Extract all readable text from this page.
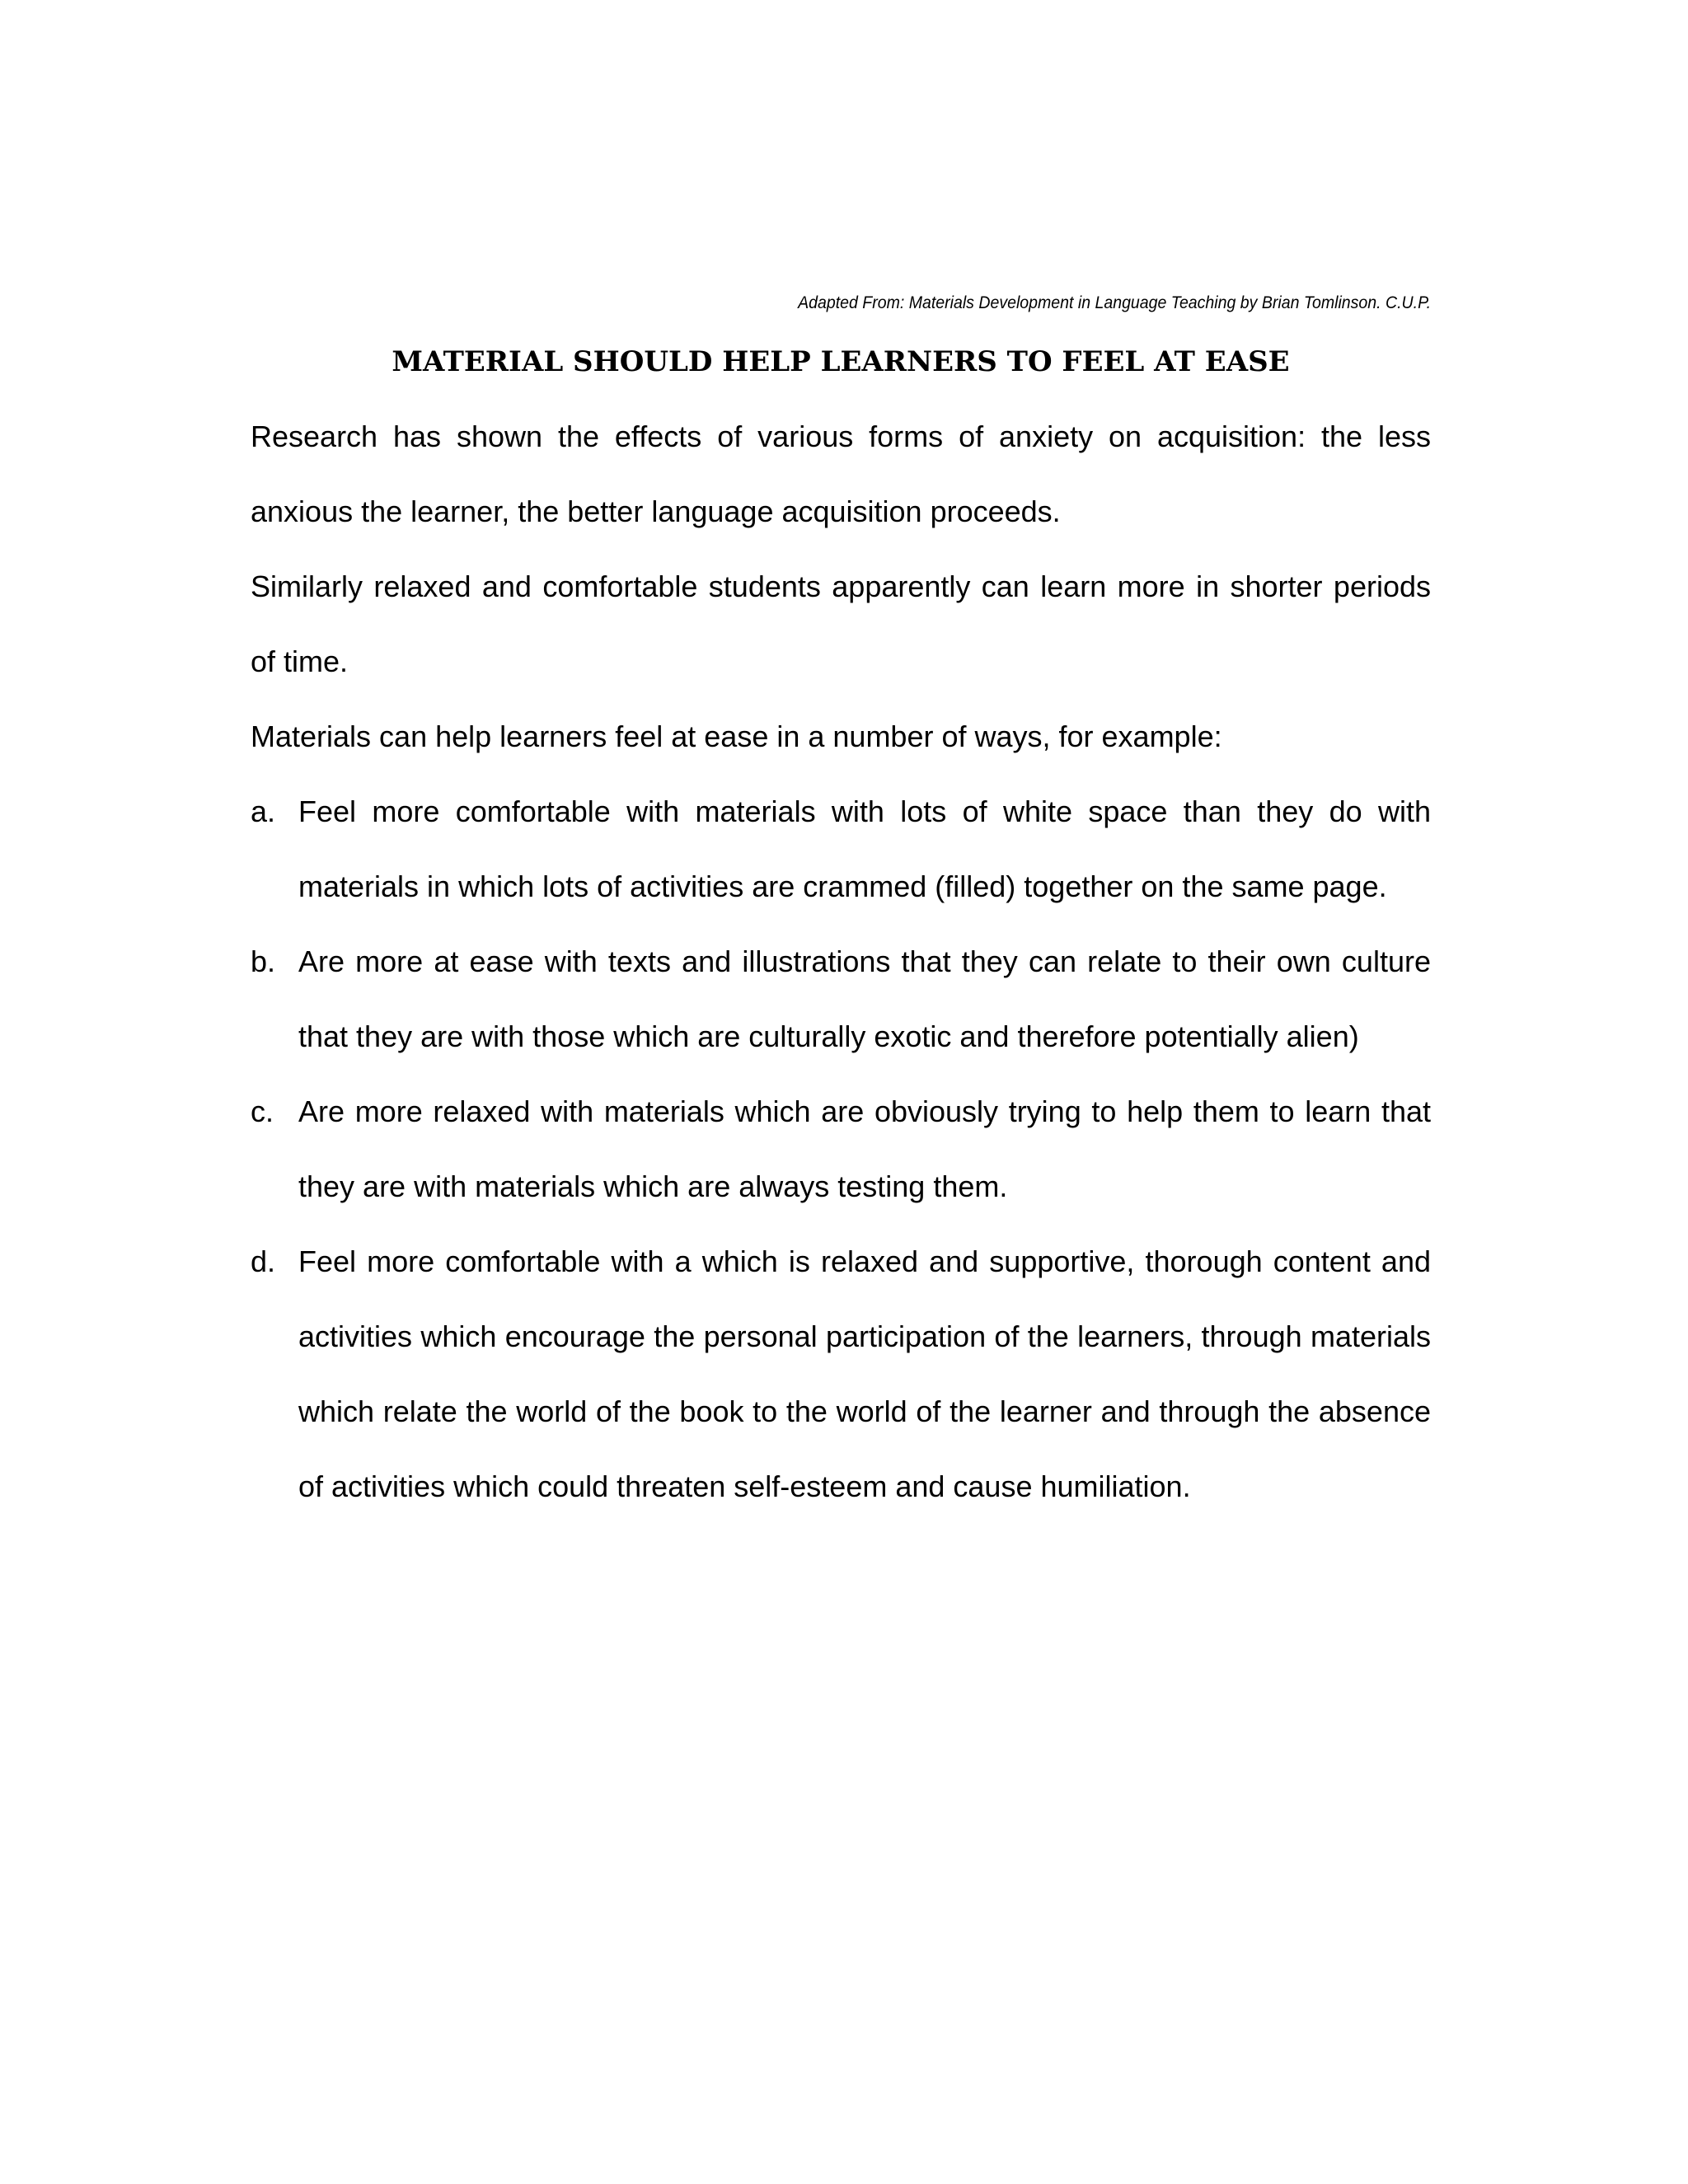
Adapted From: Materials Development in Language Teaching by Brian Tomlinson. C.U.P.
MATERIAL SHOULD HELP LEARNERS TO FEEL AT EASE

Research has shown the effects of various forms of anxiety on acquisition: the less anxious the learner, the better language acquisition proceeds.

Similarly relaxed and comfortable students apparently can learn more in shorter periods of time.

Materials can help learners feel at ease in a number of ways, for example:

a. Feel more comfortable with materials with lots of white space than they do with materials in which lots of activities are crammed (filled) together on the same page.
b. Are more at ease with texts and illustrations that they can relate to their own culture that they are with those which are culturally exotic and therefore potentially alien)
c. Are more relaxed with materials which are obviously trying to help them to learn that they are with materials which are always testing them.
d. Feel more comfortable with a which is relaxed and supportive, thorough content and activities which encourage the personal participation of the learners, through materials which relate the world of the book to the world of the learner and through the absence of activities which could threaten self-esteem and cause humiliation.
